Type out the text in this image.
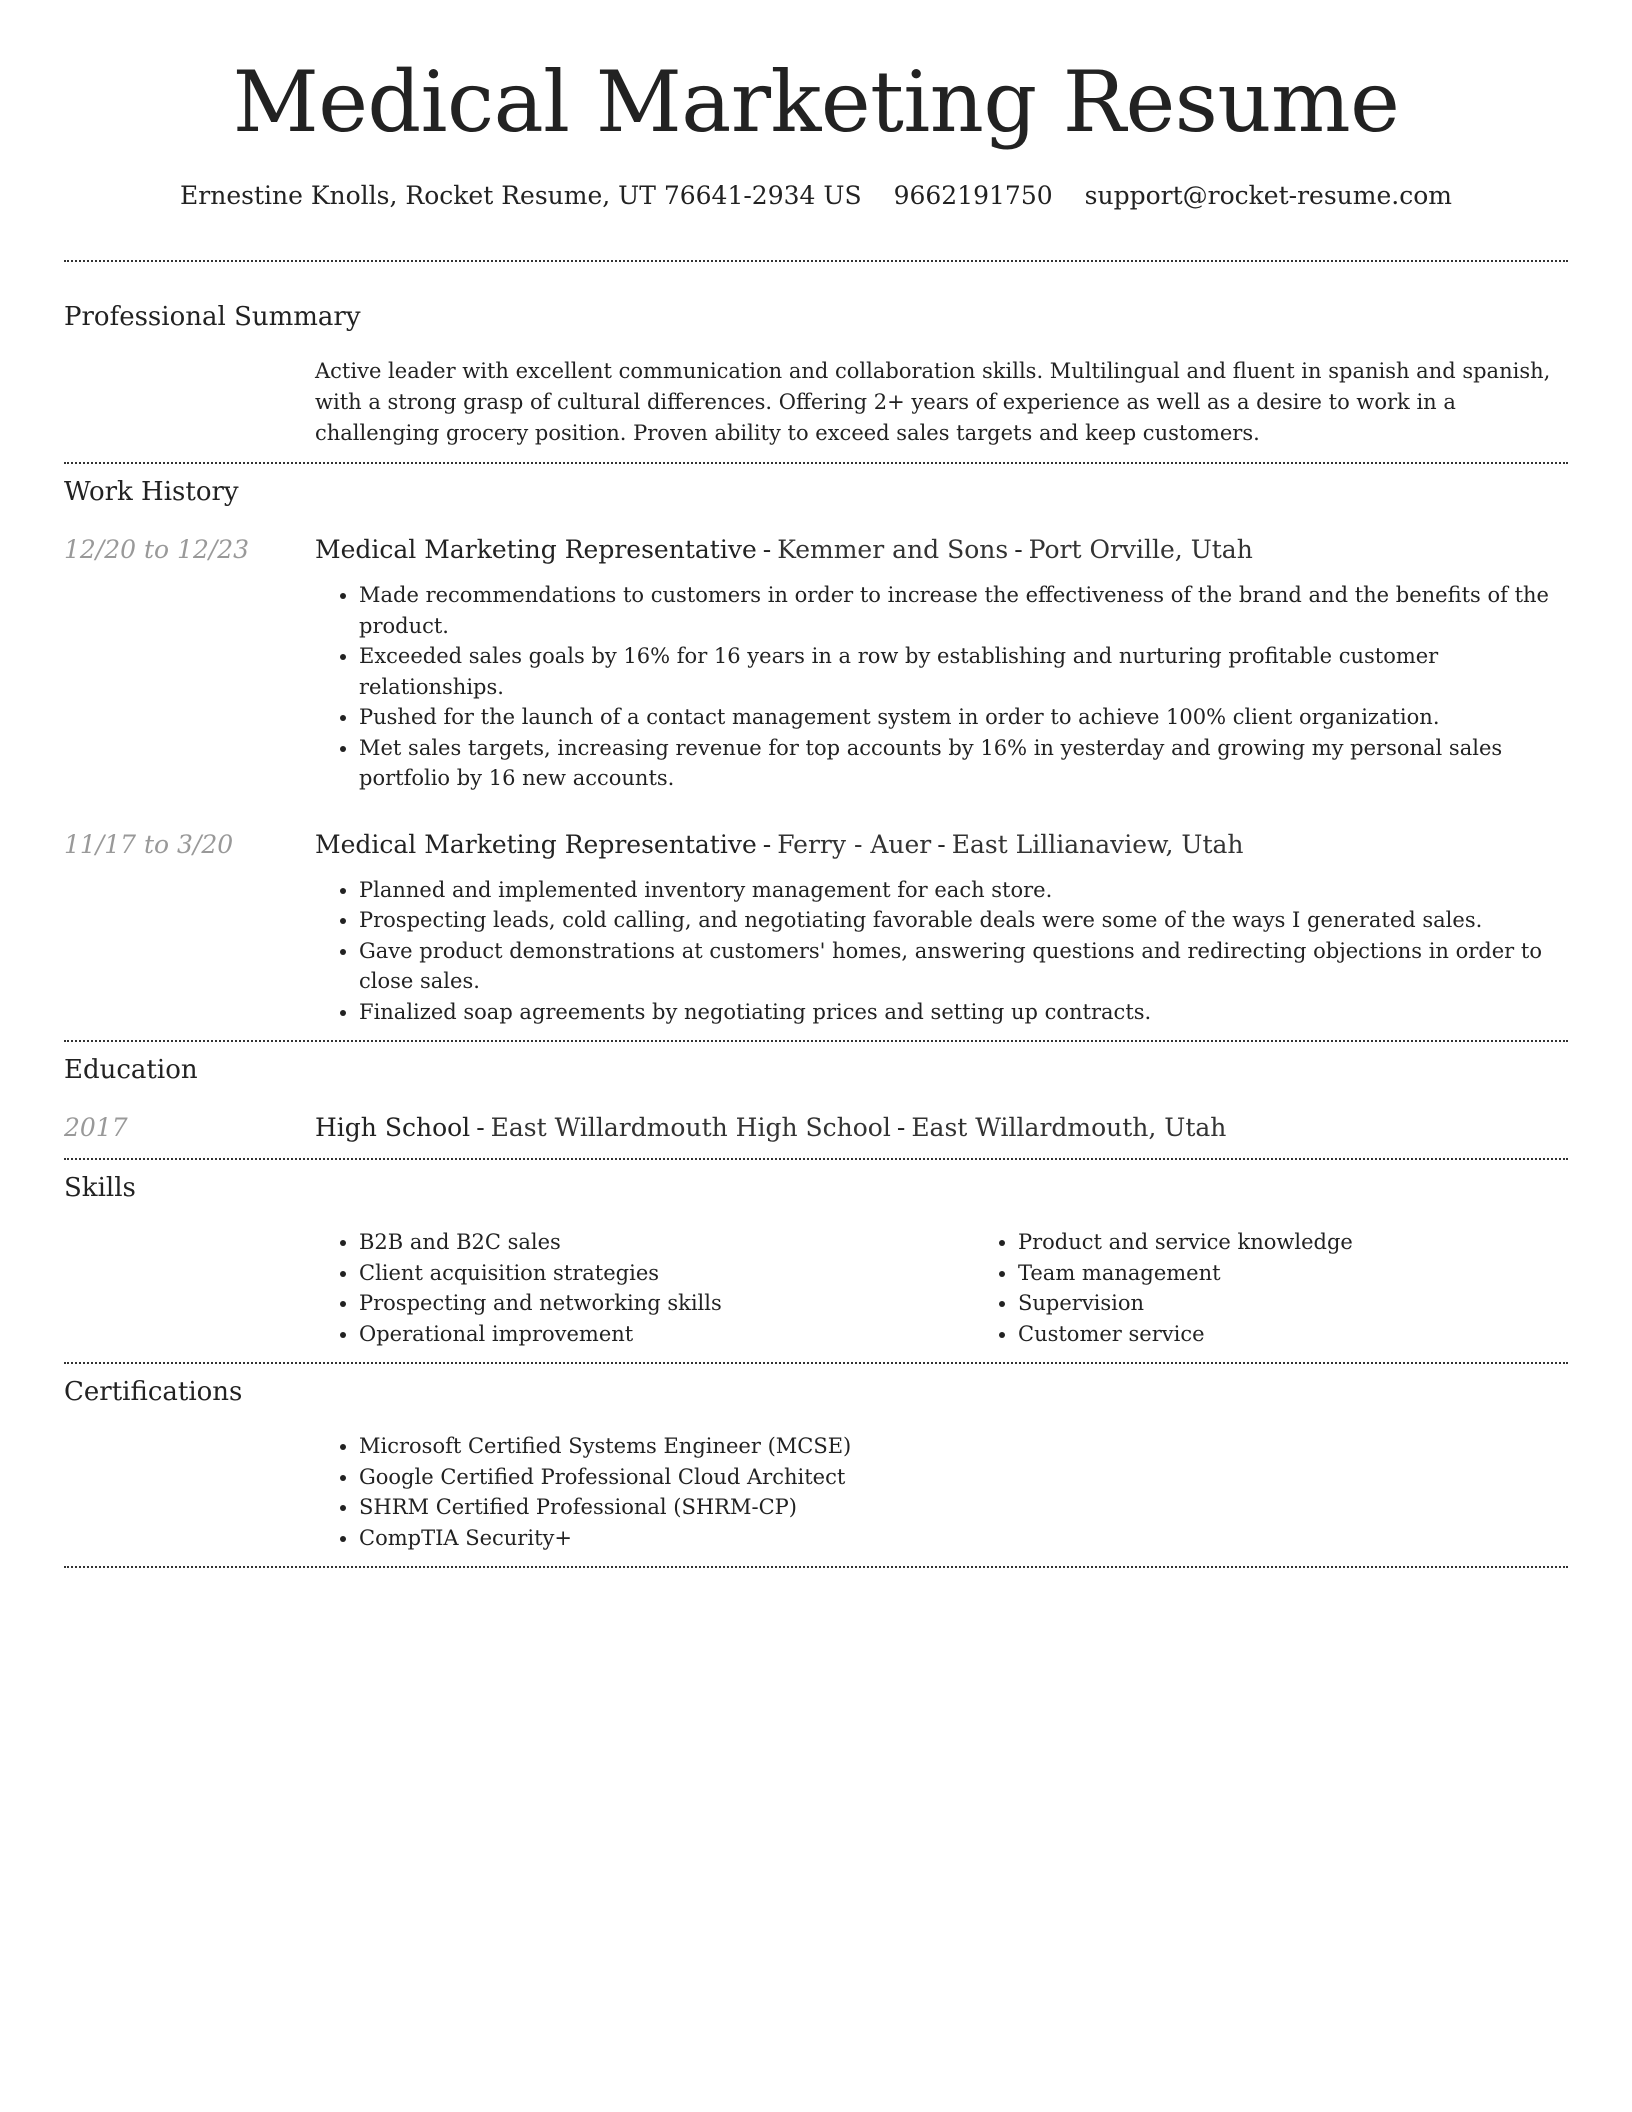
Medical Marketing Resume
Ernestine Knolls, Rocket Resume, UT 76641-2934 US 9662191750 support@rocket-resume.com
Professional Summary
Active leader with excellent communication and collaboration skills. Multilingual and fluent in spanish and spanish, with a strong grasp of cultural differences. Offering 2+ years of experience as well as a desire to work in a challenging grocery position. Proven ability to exceed sales targets and keep customers.
Work History
12/20 to 12/23	Medical Marketing Representative - Kemmer and Sons - Port Orville, Utah
• Made recommendations to customers in order to increase the effectiveness of the brand and the benefits of the product.
• Exceeded sales goals by 16% for 16 years in a row by establishing and nurturing profitable customer relationships.
• Pushed for the launch of a contact management system in order to achieve 100% client organization.
• Met sales targets, increasing revenue for top accounts by 16% in yesterday and growing my personal sales portfolio by 16 new accounts.
11/17 to 3/20	Medical Marketing Representative - Ferry - Auer - East Lillianaview, Utah
• Planned and implemented inventory management for each store.
• Prospecting leads, cold calling, and negotiating favorable deals were some of the ways I generated sales.
• Gave product demonstrations at customers' homes, answering questions and redirecting objections in order to close sales.
• Finalized soap agreements by negotiating prices and setting up contracts.
Education
2017	High School - East Willardmouth High School - East Willardmouth, Utah
Skills
• B2B and B2C sales
• Client acquisition strategies
• Prospecting and networking skills
• Operational improvement
• Product and service knowledge
• Team management
• Supervision
• Customer service
Certifications
• Microsoft Certified Systems Engineer (MCSE)
• Google Certified Professional Cloud Architect
• SHRM Certified Professional (SHRM-CP)
• CompTIA Security+
